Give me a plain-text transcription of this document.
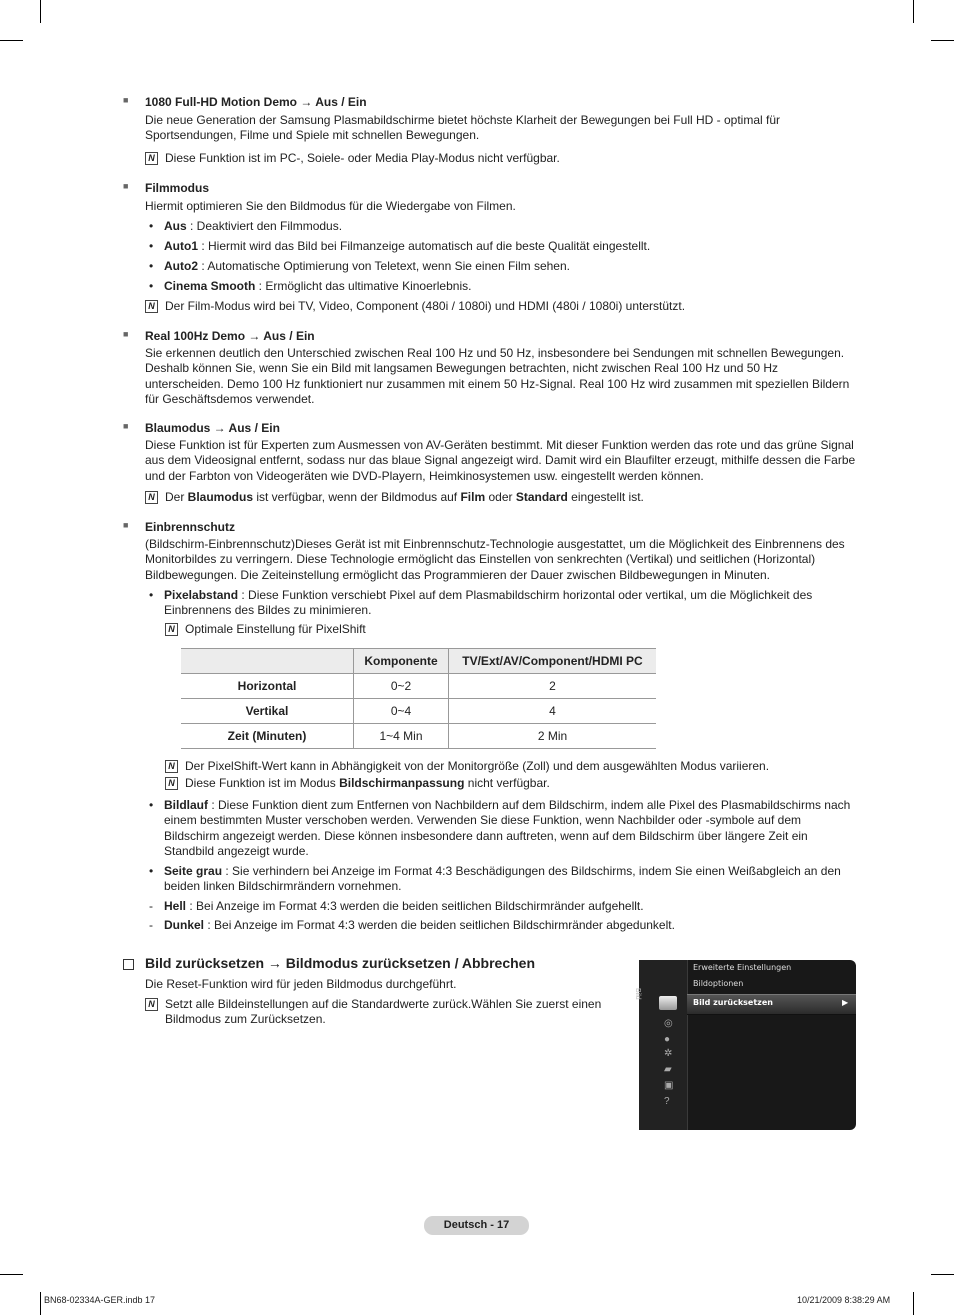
■ 1080 Full-HD Motion Demo → Aus / Ein
Die neue Generation der Samsung Plasmabildschirme bietet höchste Klarheit der Bewegungen bei Full HD - optimal für Sportsendungen, Filme und Spiele mit schnellen Bewegungen.
N Diese Funktion ist im PC-, Soiele- oder Media Play-Modus nicht verfügbar.
■ Filmmodus
Hiermit optimieren Sie den Bildmodus für die Wiedergabe von Filmen.
• Aus : Deaktiviert den Filmmodus.
• Auto1 : Hiermit wird das Bild bei Filmanzeige automatisch auf die beste Qualität eingestellt.
• Auto2 : Automatische Optimierung von Teletext, wenn Sie einen Film sehen.
• Cinema Smooth : Ermöglicht das ultimative Kinoerlebnis.
N Der Film-Modus wird bei TV, Video, Component (480i / 1080i) und HDMI (480i / 1080i) unterstützt.
■ Real 100Hz Demo → Aus / Ein
Sie erkennen deutlich den Unterschied zwischen Real 100 Hz und 50 Hz, insbesondere bei Sendungen mit schnellen Bewegungen. Deshalb können Sie, wenn Sie ein Bild mit langsamen Bewegungen betrachten, nicht zwischen Real 100 Hz und 50 Hz unterscheiden. Demo 100 Hz funktioniert nur zusammen mit einem 50 Hz-Signal. Real 100 Hz wird zusammen mit speziellen Bildern für Geschäftsdemos verwendet.
■ Blaumodus → Aus / Ein
Diese Funktion ist für Experten zum Ausmessen von AV-Geräten bestimmt. Mit dieser Funktion werden das rote und das grüne Signal aus dem Videosignal entfernt, sodass nur das blaue Signal angezeigt wird. Damit wird ein Blaufilter erzeugt, mithilfe dessen die Farbe und der Farbton von Videogeräten wie DVD-Playern, Heimkinosystemen usw. eingestellt werden können.
N Der Blaumodus ist verfügbar, wenn der Bildmodus auf Film oder Standard eingestellt ist.
■ Einbrennschutz
(Bildschirm-Einbrennschutz)Dieses Gerät ist mit Einbrennschutz-Technologie ausgestattet, um die Möglichkeit des Einbrennens des Monitorbildes zu verringern. Diese Technologie ermöglicht das Einstellen von senkrechten (Vertikal) und seitlichen (Horizontal) Bildbewegungen. Die Zeiteinstellung ermöglicht das Programmieren der Dauer zwischen Bildbewegungen in Minuten.
• Pixelabstand : Diese Funktion verschiebt Pixel auf dem Plasmabildschirm horizontal oder vertikal, um die Möglichkeit des Einbrennens des Bildes zu minimieren.
N Optimale Einstellung für PixelShift
	Komponente	TV/Ext/AV/Component/HDMI PC
Horizontal	0~2	2
Vertikal	0~4	4
Zeit (Minuten)	1~4 Min	2 Min
N Der PixelShift-Wert kann in Abhängigkeit von der Monitorgröße (Zoll) und dem ausgewählten Modus variieren.
N Diese Funktion ist im Modus Bildschirmanpassung nicht verfügbar.
• Bildlauf : Diese Funktion dient zum Entfernen von Nachbildern auf dem Bildschirm, indem alle Pixel des Plasmabildschirms nach einem bestimmten Muster verschoben werden. Verwenden Sie diese Funktion, wenn Nachbilder oder -symbole auf dem Bildschirm angezeigt werden. Diese können insbesondere dann auftreten, wenn auf dem Bildschirm über längere Zeit ein Standbild angezeigt wurde.
• Seite grau : Sie verhindern bei Anzeige im Format 4:3 Beschädigungen des Bildschirms, indem Sie einen Weißabgleich an den beiden linken Bildschirmrändern vornehmen.
- Hell : Bei Anzeige im Format 4:3 werden die beiden seitlichen Bildschirmränder aufgehellt.
- Dunkel : Bei Anzeige im Format 4:3 werden die beiden seitlichen Bildschirmränder abgedunkelt.
Bild zurücksetzen → Bildmodus zurücksetzen / Abbrechen
Die Reset-Funktion wird für jeden Bildmodus durchgeführt.
N Setzt alle Bildeinstellungen auf die Standardwerte zurück.Wählen Sie zuerst einen Bildmodus zum Zurücksetzen.
Bild
◎
●
✲
▰
▣
?
Erweiterte Einstellungen
Bildoptionen
Bild zurücksetzen	▶
Deutsch - 17
BN68-02334A-GER.indb 17	10/21/2009 8:38:29 AM
